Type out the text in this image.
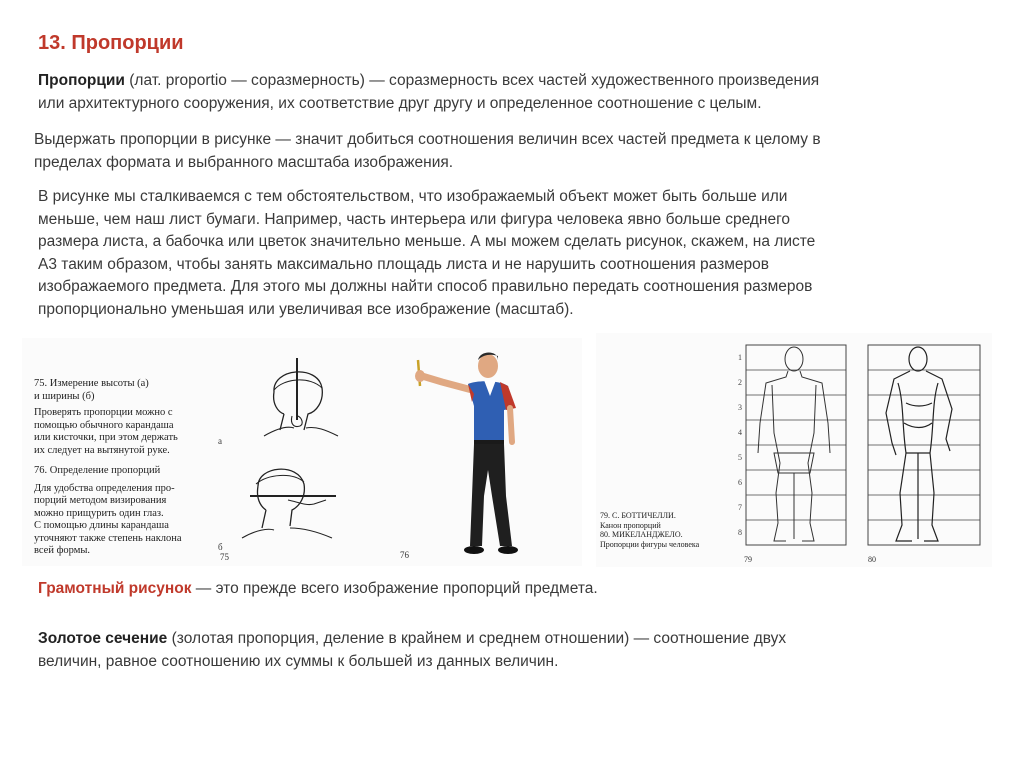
13. Пропорции
Пропорции (лат. proportio — соразмерность) — соразмерность всех частей художественного произведения
или архитектурного сооружения, их соответствие друг другу и определенное соотношение с целым.
Выдержать пропорции в рисунке — значит добиться соотношения величин всех частей предмета к целому в
пределах формата и выбранного масштаба изображения.
В рисунке мы сталкиваемся с тем обстоятельством, что изображаемый объект может быть больше или
меньше, чем наш лист бумаги. Например, часть интерьера или фигура человека явно больше среднего
размера листа, а бабочка или цветок значительно меньше. А мы можем сделать рисунок, скажем, на листе
А3 таким образом, чтобы занять максимально площадь листа и не нарушить соотношения размеров
изображаемого предмета. Для этого мы должны найти способ правильно передать соотношения размеров
пропорционально уменьшая или увеличивая все изображение (масштаб).
75. Измерение высоты (а)
и ширины (б)
Проверять пропорции можно с
помощью обычного карандаша
или кисточки, при этом держать
их следует на вытянутой руке.
76. Определение пропорций
Для удобства определения про-
порций методом визирования
можно прищурить один глаз.
С помощью длины карандаша
уточняют также степень наклона
всей формы.
а
б
75	76
1
2
3
4
5
6
7
8
79. С. БОТТИЧЕЛЛИ.
Канон пропорций
80. МИКЕЛАНДЖЕЛО.
Пропорции фигуры человека
79	80
Грамотный рисунок — это прежде всего изображение пропорций предмета.
Золотое сечение (золотая пропорция, деление в крайнем и среднем отношении) — соотношение двух
величин, равное соотношению их суммы к большей из данных величин.
